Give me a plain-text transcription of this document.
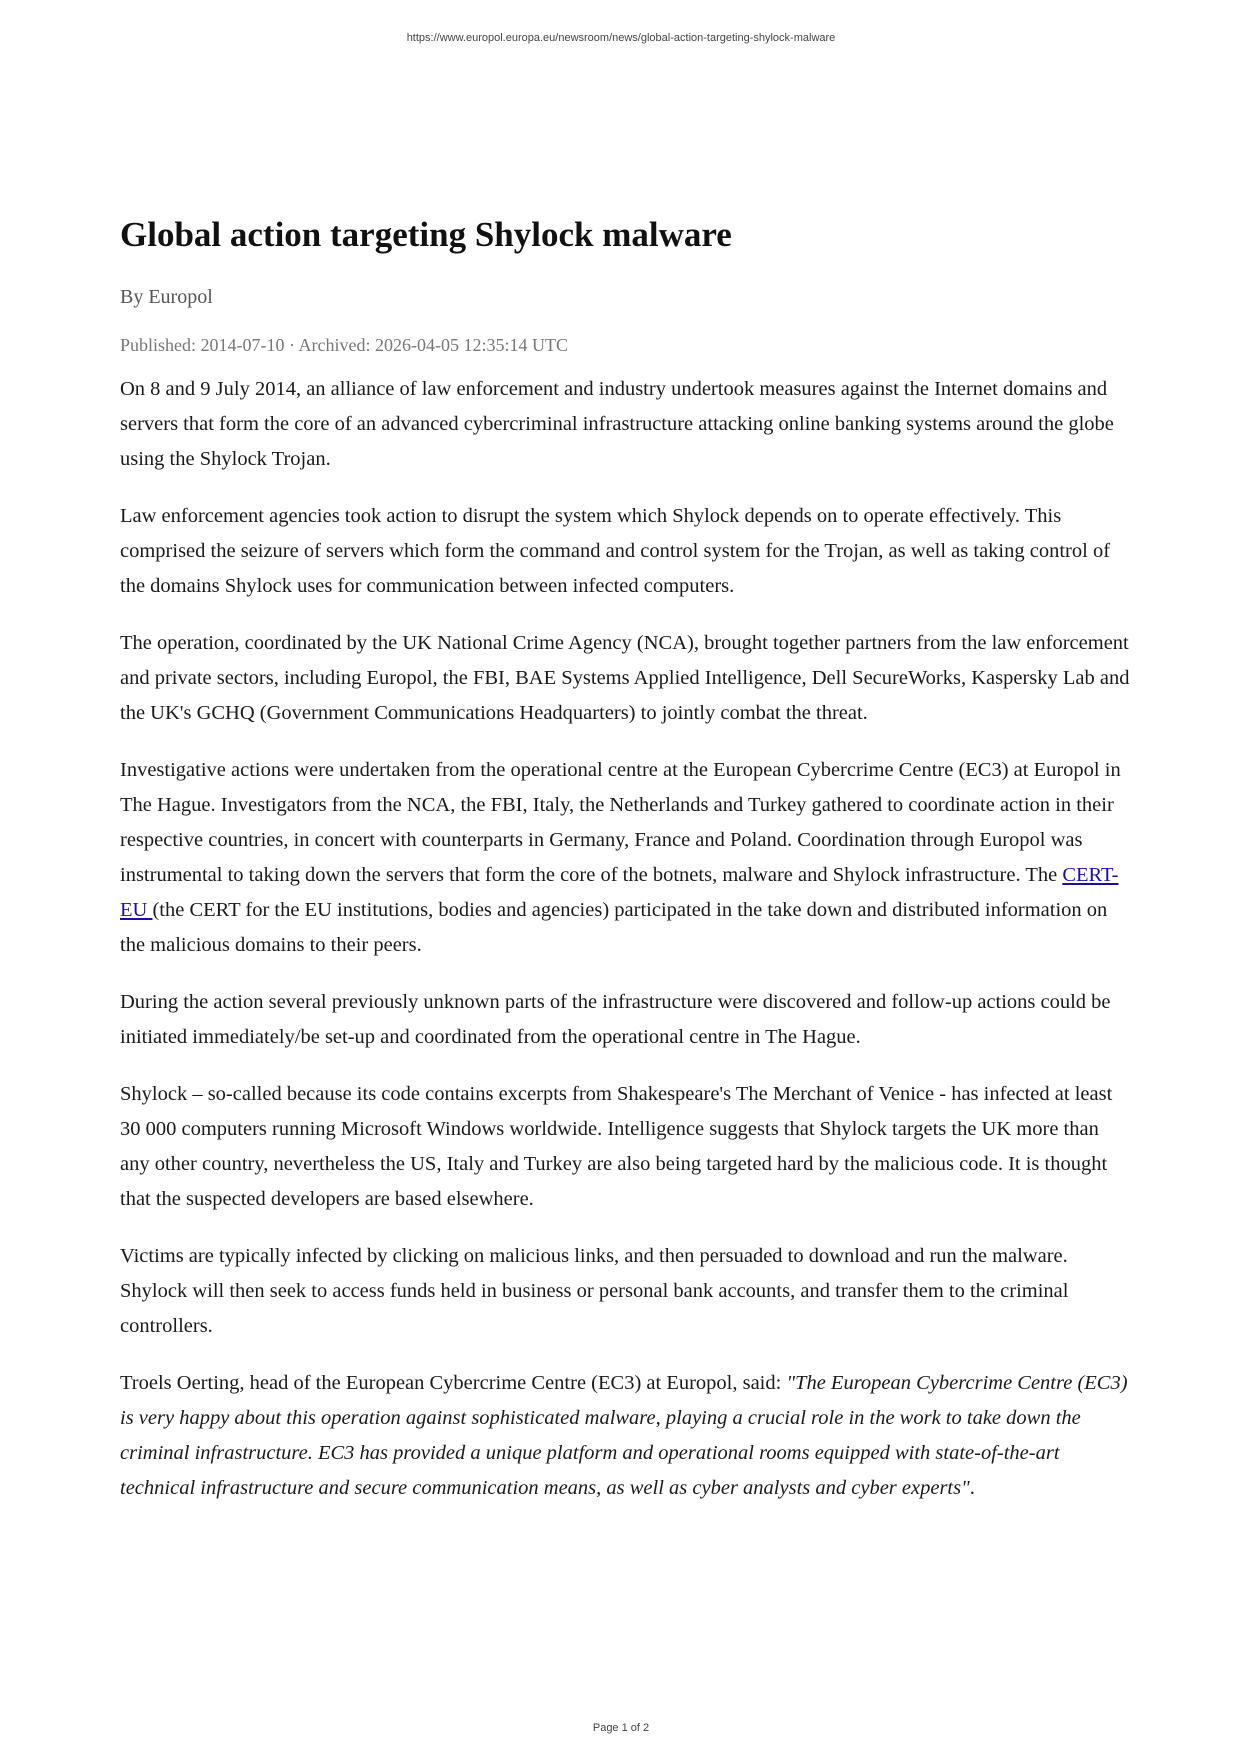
https://www.europol.europa.eu/newsroom/news/global-action-targeting-shylock-malware
Global action targeting Shylock malware
By Europol
Published: 2014-07-10 · Archived: 2026-04-05 12:35:14 UTC

On 8 and 9 July 2014, an alliance of law enforcement and industry undertook measures against the Internet domains and servers that form the core of an advanced cybercriminal infrastructure attacking online banking systems around the globe using the Shylock Trojan.

Law enforcement agencies took action to disrupt the system which Shylock depends on to operate effectively. This comprised the seizure of servers which form the command and control system for the Trojan, as well as taking control of the domains Shylock uses for communication between infected computers.

The operation, coordinated by the UK National Crime Agency (NCA), brought together partners from the law enforcement and private sectors, including Europol, the FBI, BAE Systems Applied Intelligence, Dell SecureWorks, Kaspersky Lab and the UK's GCHQ (Government Communications Headquarters) to jointly combat the threat.

Investigative actions were undertaken from the operational centre at the European Cybercrime Centre (EC3) at Europol in The Hague. Investigators from the NCA, the FBI, Italy, the Netherlands and Turkey gathered to coordinate action in their respective countries, in concert with counterparts in Germany, France and Poland. Coordination through Europol was instrumental to taking down the servers that form the core of the botnets, malware and Shylock infrastructure. The CERT-EU (the CERT for the EU institutions, bodies and agencies) participated in the take down and distributed information on the malicious domains to their peers.

During the action several previously unknown parts of the infrastructure were discovered and follow-up actions could be initiated immediately/be set-up and coordinated from the operational centre in The Hague.

Shylock – so-called because its code contains excerpts from Shakespeare's The Merchant of Venice - has infected at least 30 000 computers running Microsoft Windows worldwide. Intelligence suggests that Shylock targets the UK more than any other country, nevertheless the US, Italy and Turkey are also being targeted hard by the malicious code. It is thought that the suspected developers are based elsewhere.

Victims are typically infected by clicking on malicious links, and then persuaded to download and run the malware. Shylock will then seek to access funds held in business or personal bank accounts, and transfer them to the criminal controllers.

Troels Oerting, head of the European Cybercrime Centre (EC3) at Europol, said: "The European Cybercrime Centre (EC3) is very happy about this operation against sophisticated malware, playing a crucial role in the work to take down the criminal infrastructure. EC3 has provided a unique platform and operational rooms equipped with state-of-the-art technical infrastructure and secure communication means, as well as cyber analysts and cyber experts".

Page 1 of 2
